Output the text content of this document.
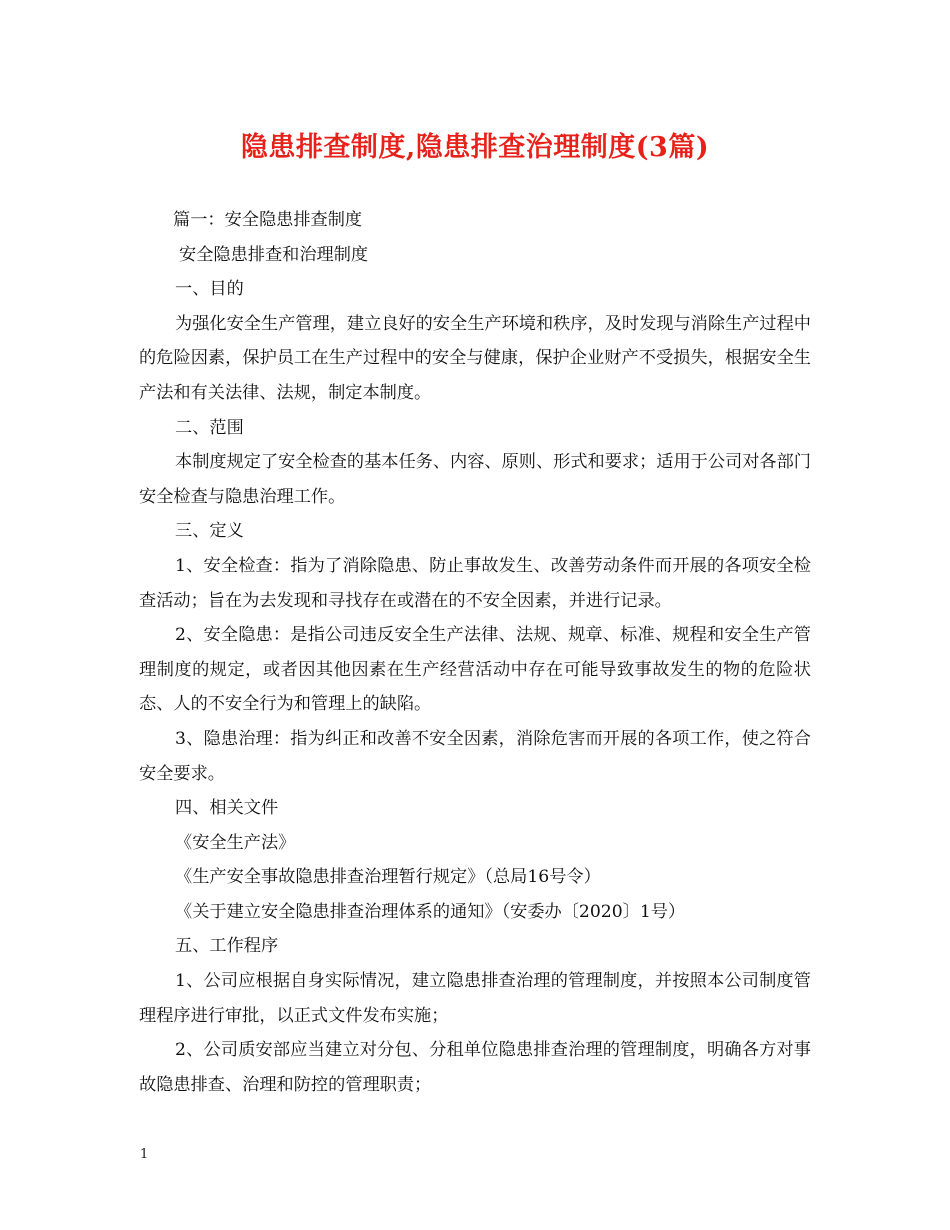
隐患排查制度,隐患排查治理制度(3篇)

篇一：安全隐患排查制度

安全隐患排查和治理制度

一、目的

为强化安全生产管理，建立良好的安全生产环境和秩序，及时发现与消除生产过程中的危险因素，保护员工在生产过程中的安全与健康，保护企业财产不受损失，根据安全生产法和有关法律、法规，制定本制度。

二、范围

本制度规定了安全检查的基本任务、内容、原则、形式和要求；适用于公司对各部门安全检查与隐患治理工作。

三、定义

1、安全检查：指为了消除隐患、防止事故发生、改善劳动条件而开展的各项安全检查活动；旨在为去发现和寻找存在或潜在的不安全因素，并进行记录。

2、安全隐患：是指公司违反安全生产法律、法规、规章、标准、规程和安全生产管理制度的规定，或者因其他因素在生产经营活动中存在可能导致事故发生的物的危险状态、人的不安全行为和管理上的缺陷。

3、隐患治理：指为纠正和改善不安全因素，消除危害而开展的各项工作，使之符合安全要求。

四、相关文件

《安全生产法》

《生产安全事故隐患排查治理暂行规定》（总局16号令）

《关于建立安全隐患排查治理体系的通知》（安委办〔2020〕1号）

五、工作程序

1、公司应根据自身实际情况，建立隐患排查治理的管理制度，并按照本公司制度管理程序进行审批，以正式文件发布实施；

2、公司质安部应当建立对分包、分租单位隐患排查治理的管理制度，明确各方对事故隐患排查、治理和防控的管理职责；

1
